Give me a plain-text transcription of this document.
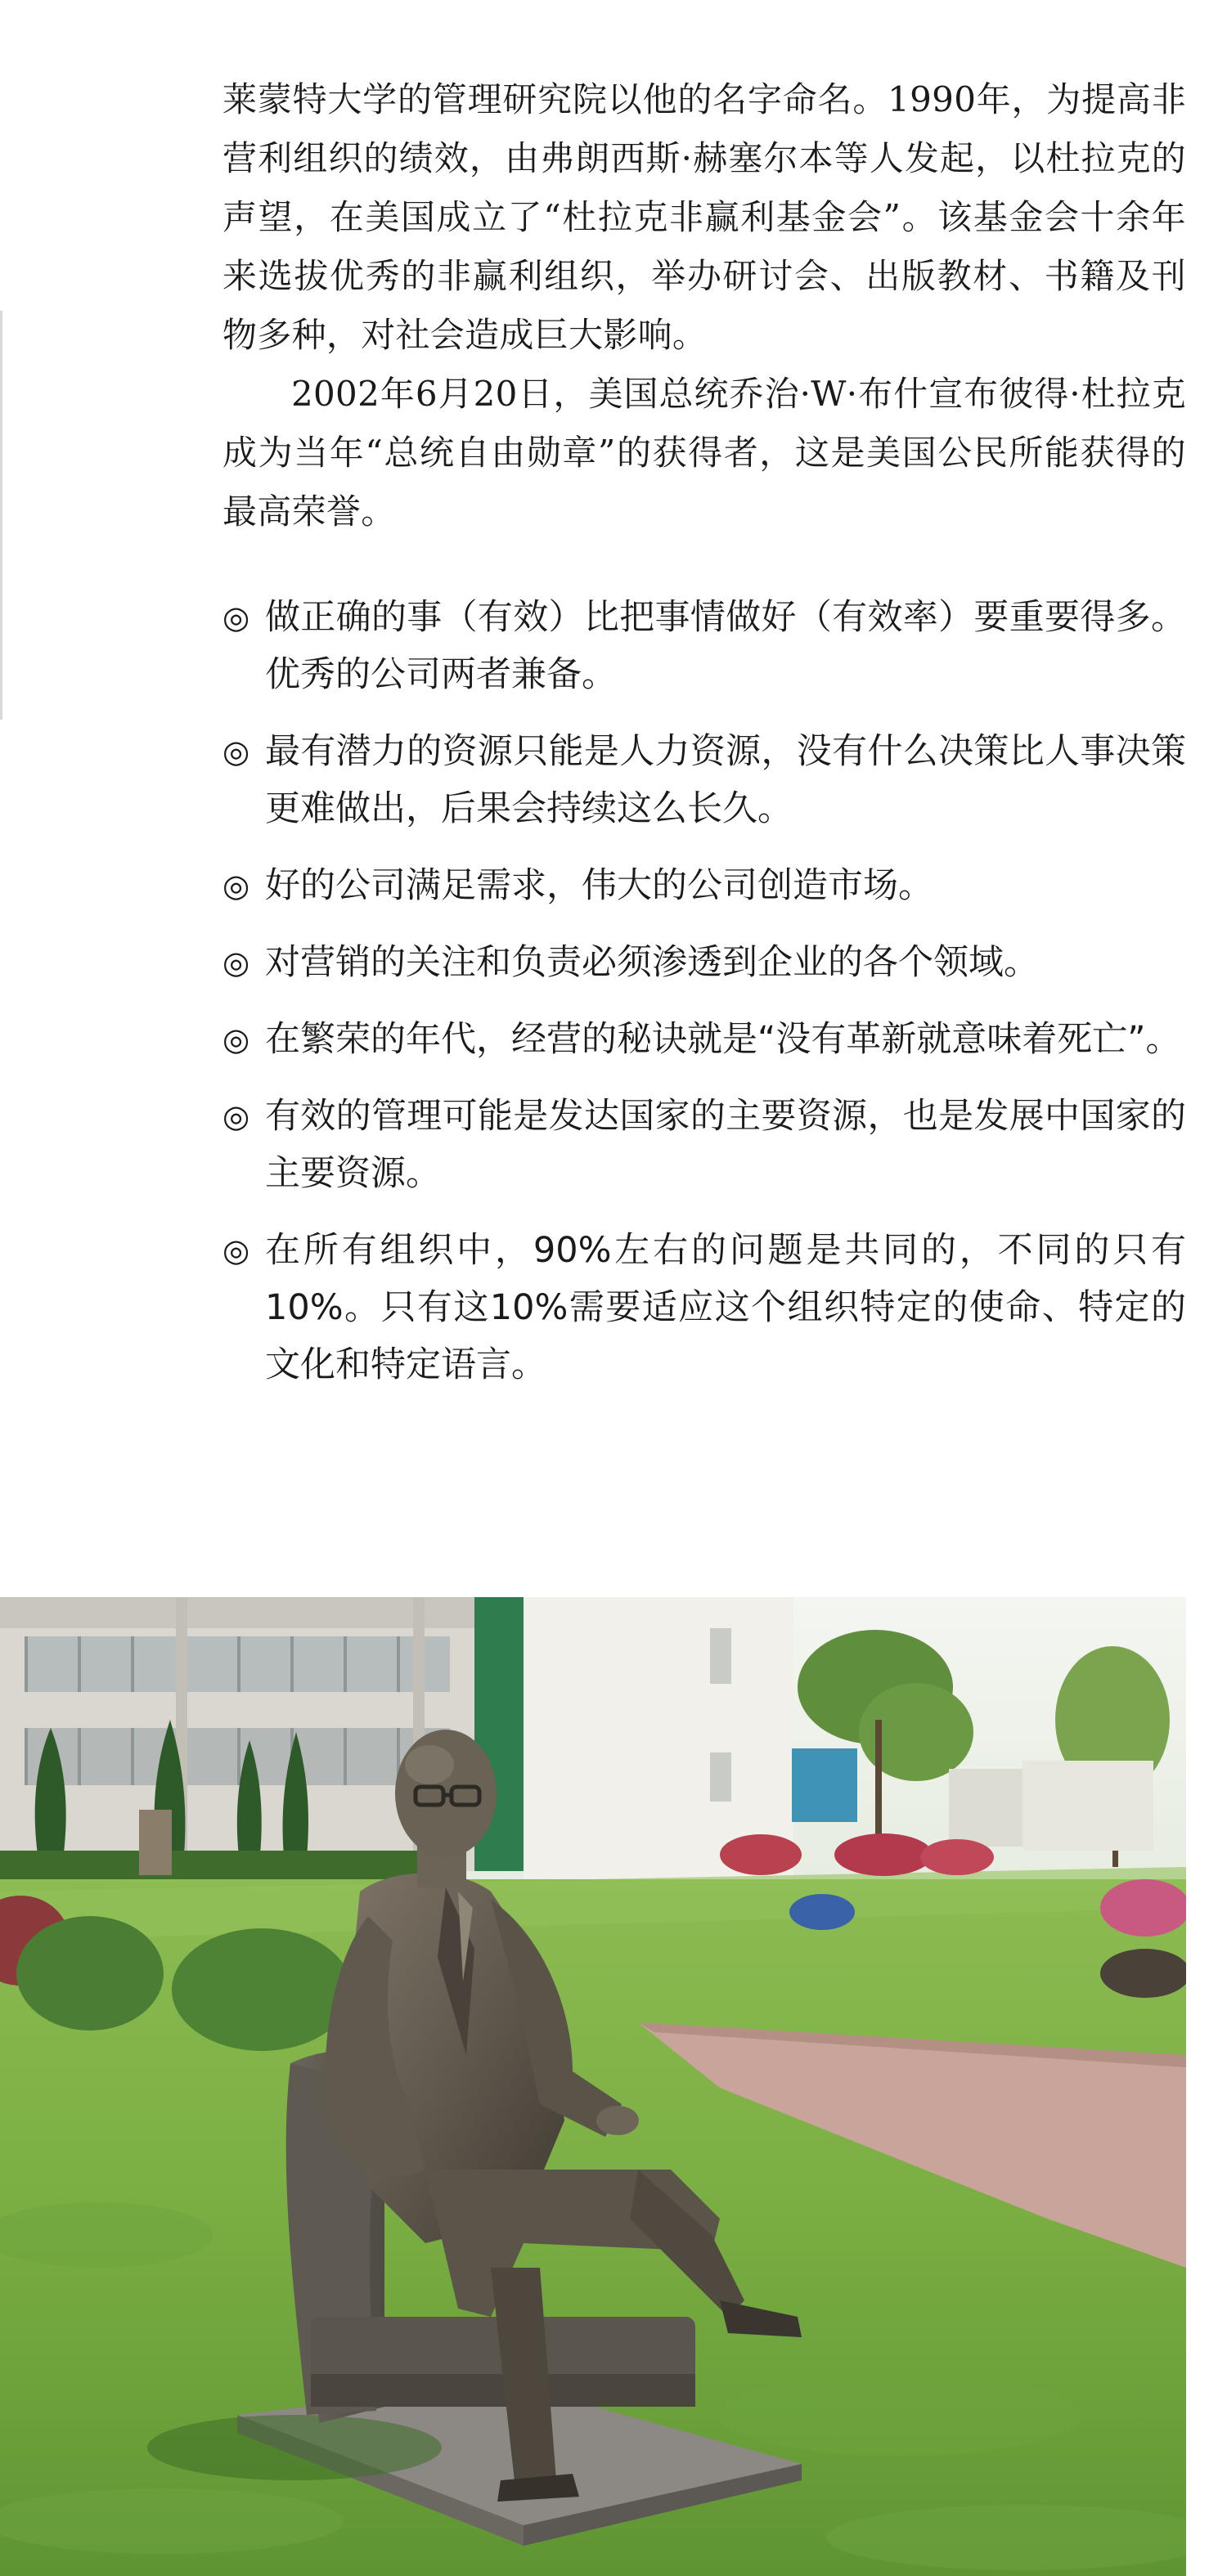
莱蒙特大学的管理研究院以他的名字命名。1990年，为提高非营利组织的绩效，由弗朗西斯·赫塞尔本等人发起，以杜拉克的声望，在美国成立了“杜拉克非赢利基金会”。该基金会十余年来选拔优秀的非赢利组织，举办研讨会、出版教材、书籍及刊物多种，对社会造成巨大影响。

2002年6月20日，美国总统乔治·W·布什宣布彼得·杜拉克成为当年“总统自由勋章”的获得者，这是美国公民所能获得的最高荣誉。

◎ 做正确的事（有效）比把事情做好（有效率）要重要得多。优秀的公司两者兼备。
◎ 最有潜力的资源只能是人力资源，没有什么决策比人事决策更难做出，后果会持续这么长久。
◎ 好的公司满足需求，伟大的公司创造市场。
◎ 对营销的关注和负责必须渗透到企业的各个领域。
◎ 在繁荣的年代，经营的秘诀就是“没有革新就意味着死亡”。
◎ 有效的管理可能是发达国家的主要资源，也是发展中国家的主要资源。
◎ 在所有组织中，90%左右的问题是共同的，不同的只有10%。只有这10%需要适应这个组织特定的使命、特定的文化和特定语言。
